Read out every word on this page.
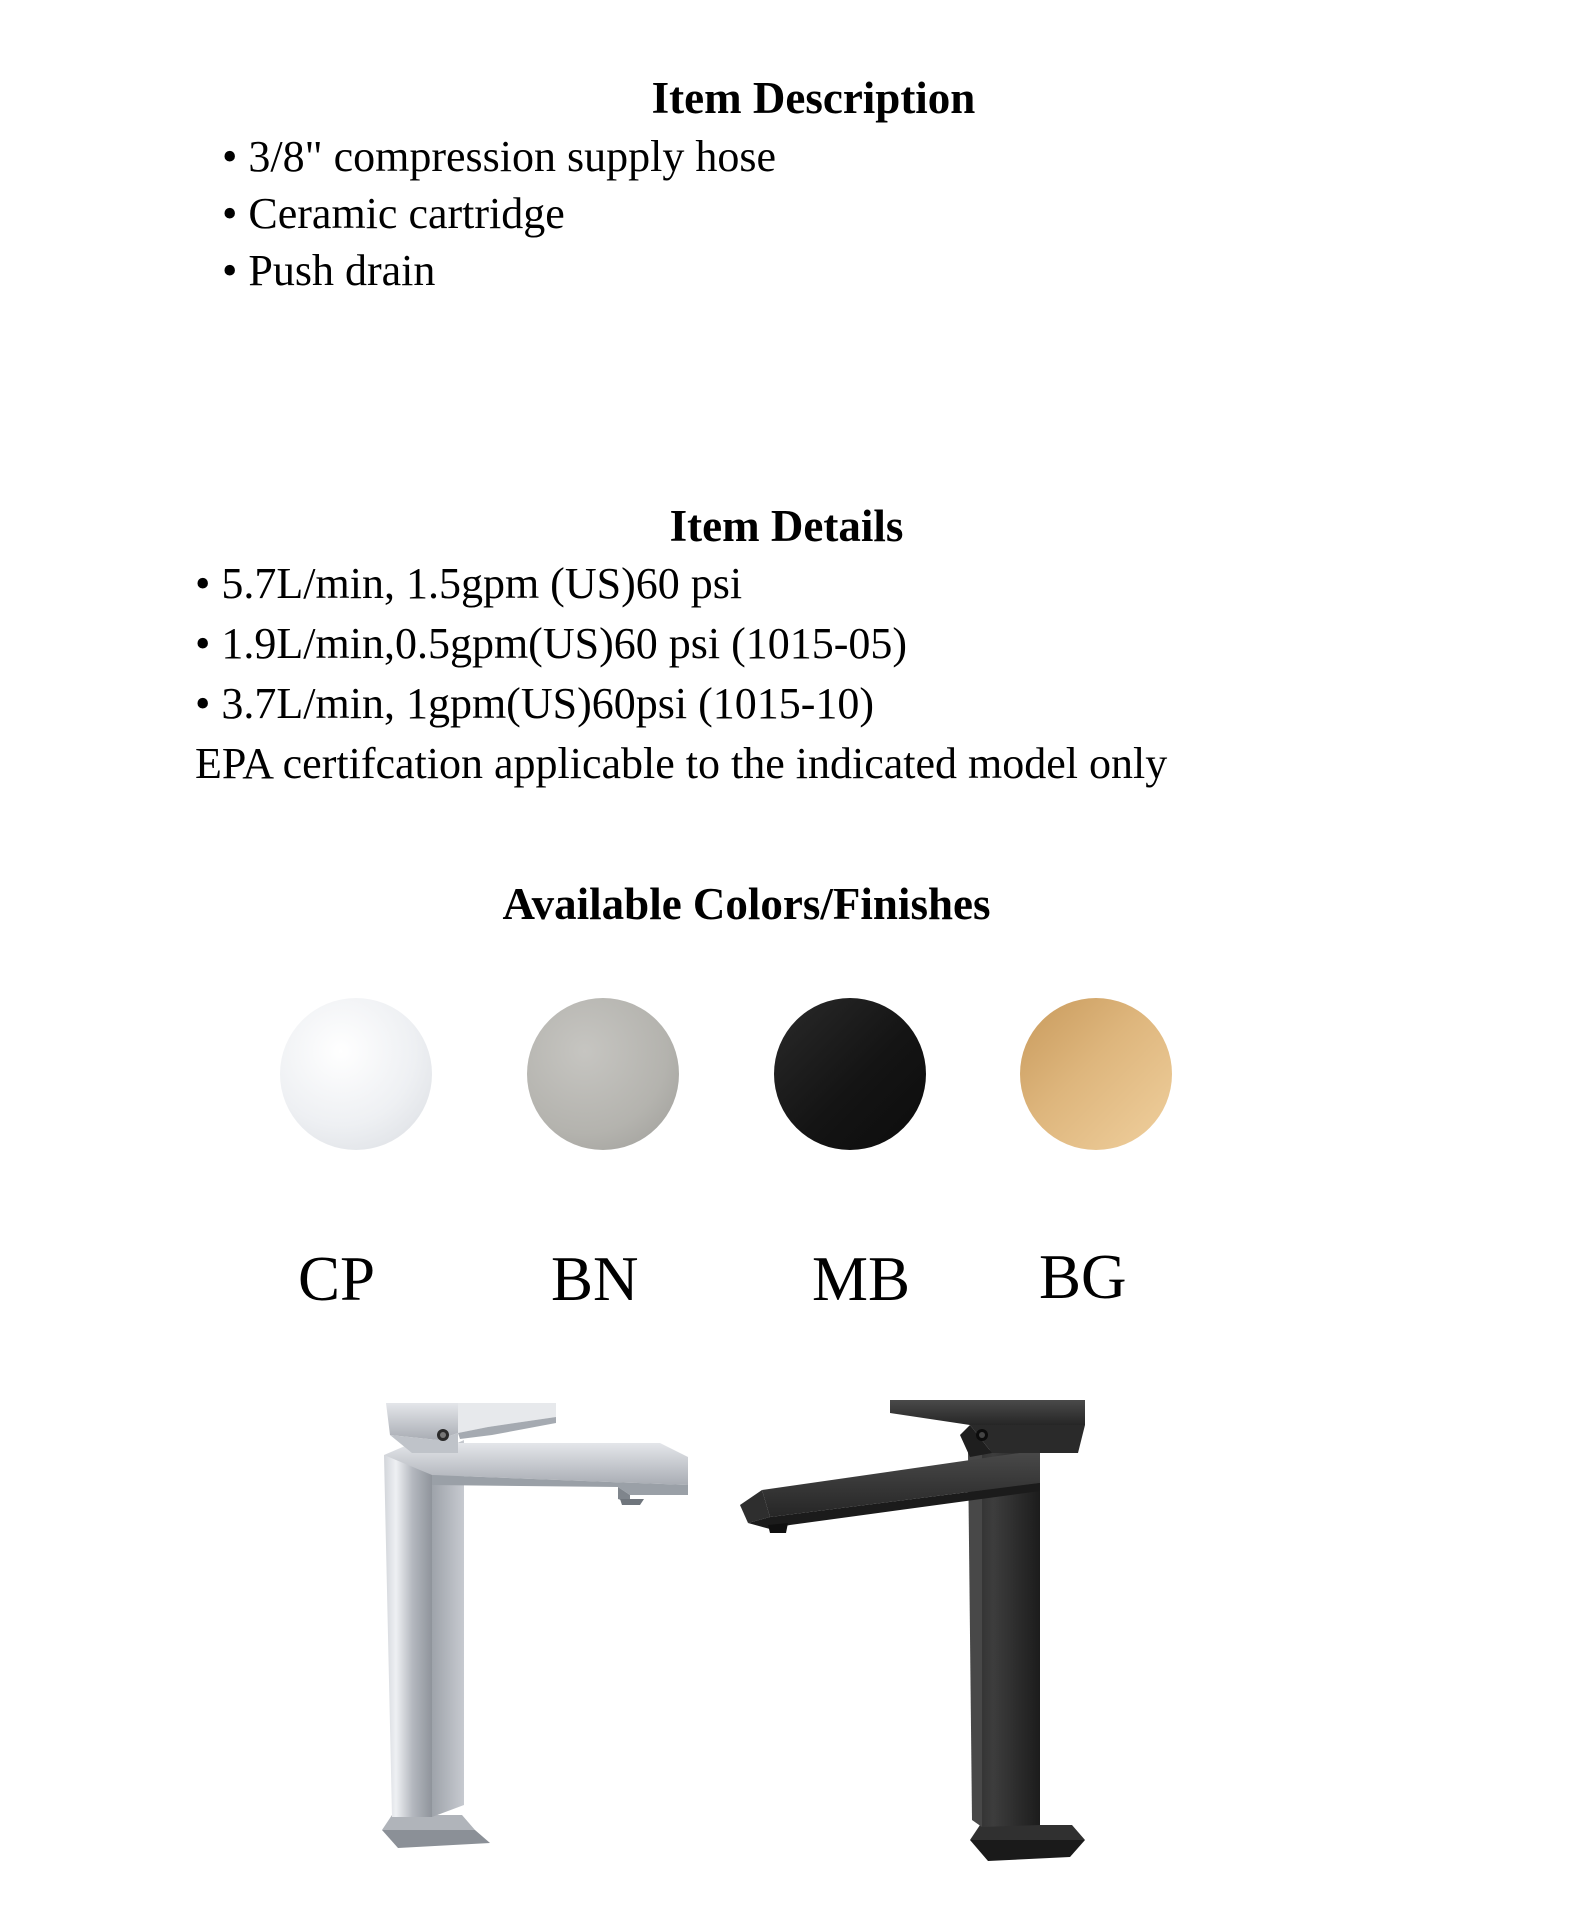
Item Description
• 3/8" compression supply hose
• Ceramic cartridge
• Push drain
Item Details
• 5.7L/min, 1.5gpm (US)60 psi
• 1.9L/min,0.5gpm(US)60 psi (1015-05)
• 3.7L/min, 1gpm(US)60psi (1015-10)
EPA certifcation applicable to the indicated model only
Available Colors/Finishes
CP	BN	MB BG
